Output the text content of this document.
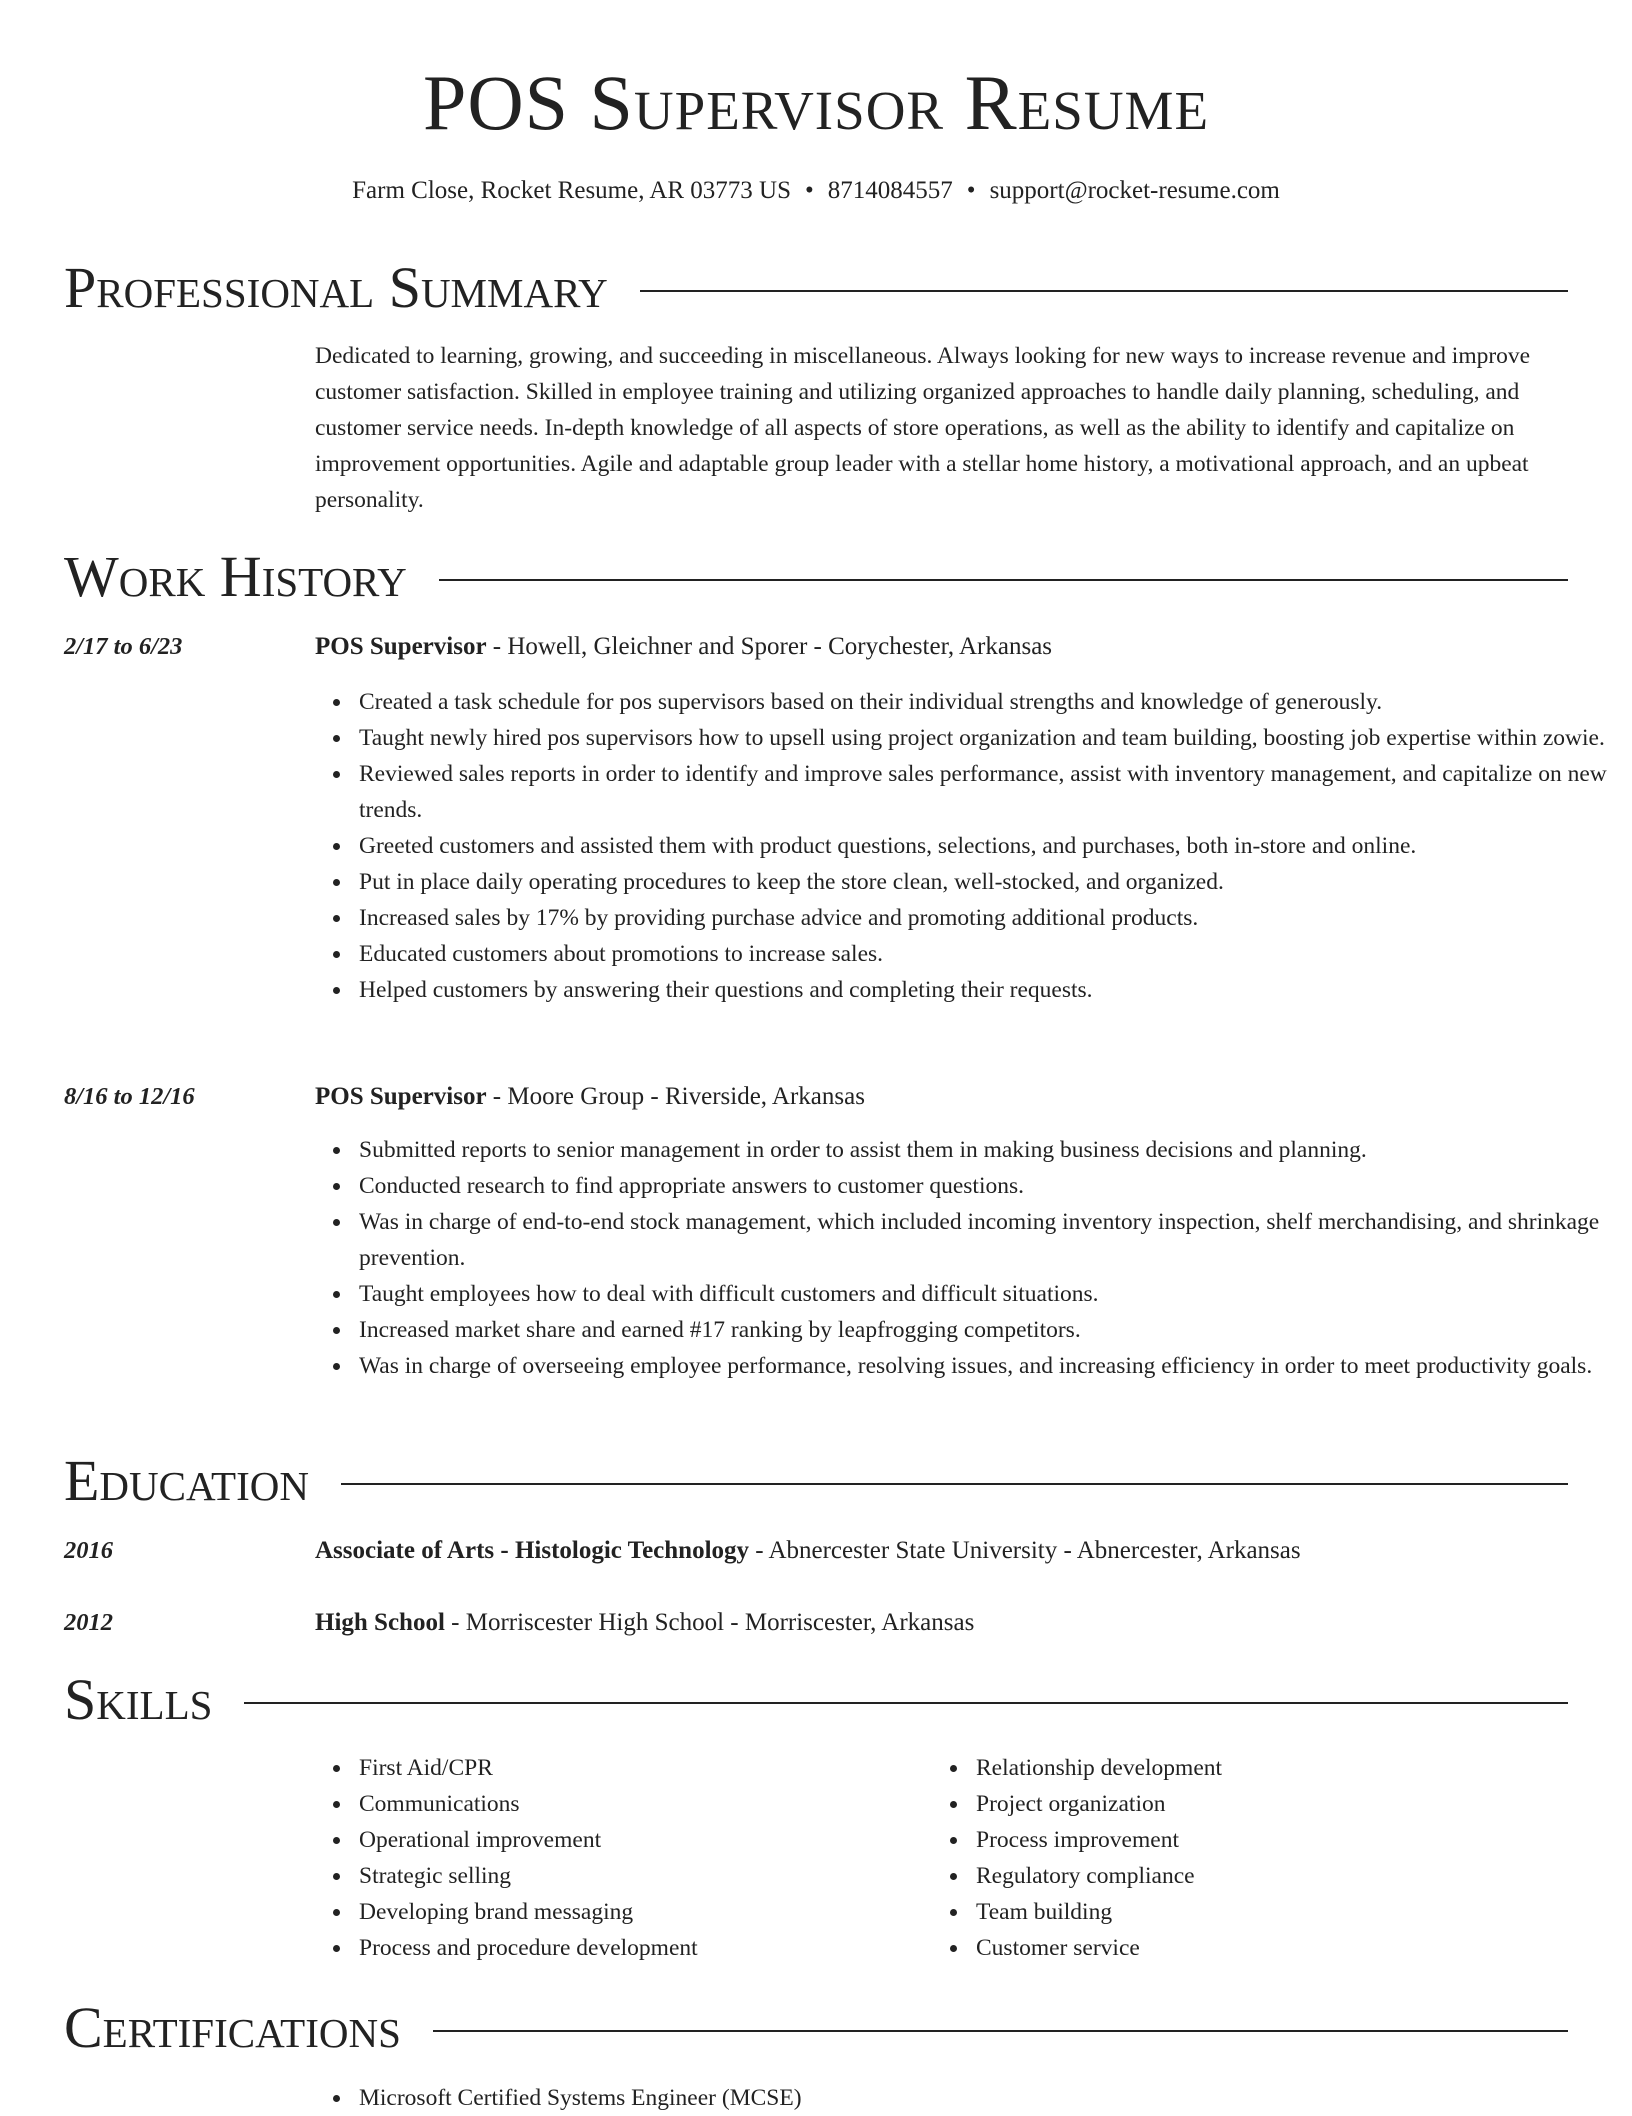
POS Supervisor Resume
Farm Close, Rocket Resume, AR 03773 US • 8714084557 • support@rocket-resume.com
Professional Summary

Dedicated to learning, growing, and succeeding in miscellaneous. Always looking for new ways to increase revenue and improve customer satisfaction. Skilled in employee training and utilizing organized approaches to handle daily planning, scheduling, and customer service needs. In-depth knowledge of all aspects of store operations, as well as the ability to identify and capitalize on improvement opportunities. Agile and adaptable group leader with a stellar home history, a motivational approach, and an upbeat personality.

Work History
2/17 to 6/23	POS Supervisor - Howell, Gleichner and Sporer - Corychester, Arkansas
Created a task schedule for pos supervisors based on their individual strengths and knowledge of generously.
Taught newly hired pos supervisors how to upsell using project organization and team building, boosting job expertise within zowie.
Reviewed sales reports in order to identify and improve sales performance, assist with inventory management, and capitalize on new trends.
Greeted customers and assisted them with product questions, selections, and purchases, both in-store and online.
Put in place daily operating procedures to keep the store clean, well-stocked, and organized.
Increased sales by 17% by providing purchase advice and promoting additional products.
Educated customers about promotions to increase sales.
Helped customers by answering their questions and completing their requests.
8/16 to 12/16	POS Supervisor - Moore Group - Riverside, Arkansas
Submitted reports to senior management in order to assist them in making business decisions and planning.
Conducted research to find appropriate answers to customer questions.
Was in charge of end-to-end stock management, which included incoming inventory inspection, shelf merchandising, and shrinkage prevention.
Taught employees how to deal with difficult customers and difficult situations.
Increased market share and earned #17 ranking by leapfrogging competitors.
Was in charge of overseeing employee performance, resolving issues, and increasing efficiency in order to meet productivity goals.
Education
2016	Associate of Arts - Histologic Technology - Abnercester State University - Abnercester, Arkansas
2012	High School - Morriscester High School - Morriscester, Arkansas
Skills
First Aid/CPR
Communications
Operational improvement
Strategic selling
Developing brand messaging
Process and procedure development
Relationship development
Project organization
Process improvement
Regulatory compliance
Team building
Customer service
Certifications
Microsoft Certified Systems Engineer (MCSE)
